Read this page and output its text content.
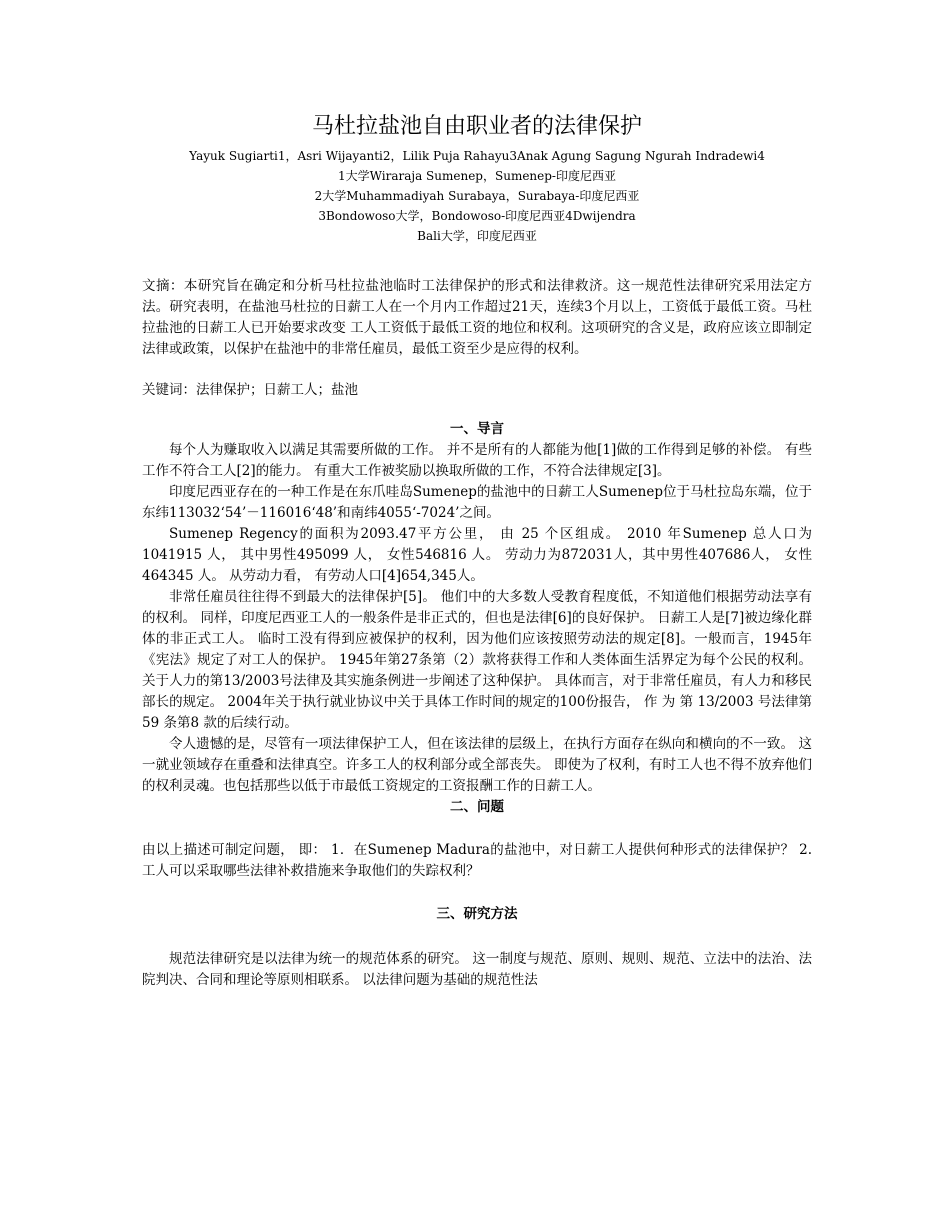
马杜拉盐池自由职业者的法律保护

Yayuk Sugiarti1，Asri Wijayanti2，Lilik Puja Rahayu3Anak Agung Sagung Ngurah Indradewi4

1大学Wiraraja Sumenep，Sumenep-印度尼西亚

2大学Muhammadiyah Surabaya，Surabaya-印度尼西亚

3Bondowoso大学，Bondowoso-印度尼西亚4Dwijendra

Bali大学，印度尼西亚

文摘：本研究旨在确定和分析马杜拉盐池临时工法律保护的形式和法律救济。这一规范性法律研究采用法定方法。研究表明，在盐池马杜拉的日薪工人在一个月内工作超过21天，连续3个月以上，工资低于最低工资。马杜拉盐池的日薪工人已开始要求改变 工人工资低于最低工资的地位和权利。这项研究的含义是，政府应该立即制定法律或政策，以保护在盐池中的非常任雇员，最低工资至少是应得的权利。
关键词：法律保护；日薪工人；盐池
一、导言

每个人为赚取收入以满足其需要所做的工作。 并不是所有的人都能为他[1]做的工作得到足够的补偿。 有些工作不符合工人[2]的能力。 有重大工作被奖励以换取所做的工作，不符合法律规定[3]。

印度尼西亚存在的一种工作是在东爪哇岛Sumenep的盐池中的日薪工人Sumenep位于马杜拉岛东端，位于东纬113032‘54’－116016‘48’和南纬4055‘-7024’之间。

Sumenep Regency的面积为2093.47平方公里， 由 25 个区组成。 2010 年Sumenep 总人口为1041915 人， 其中男性495099 人， 女性546816 人。 劳动力为872031人，其中男性407686人， 女性464345 人。 从劳动力看， 有劳动人口[4]654,345人。

非常任雇员往往得不到最大的法律保护[5]。 他们中的大多数人受教育程度低，不知道他们根据劳动法享有的权利。 同样，印度尼西亚工人的一般条件是非正式的，但也是法律[6]的良好保护。 日薪工人是[7]被边缘化群体的非正式工人。 临时工没有得到应被保护的权利，因为他们应该按照劳动法的规定[8]。一般而言，1945年《宪法》规定了对工人的保护。 1945年第27条第（2）款将获得工作和人类体面生活界定为每个公民的权利。关于人力的第13/2003号法律及其实施条例进一步阐述了这种保护。 具体而言，对于非常任雇员，有人力和移民部长的规定。 2004年关于执行就业协议中关于具体工作时间的规定的100份报告， 作 为 第 13/2003 号法律第59 条第8 款的后续行动。

令人遗憾的是，尽管有一项法律保护工人，但在该法律的层级上，在执行方面存在纵向和横向的不一致。 这一就业领域存在重叠和法律真空。许多工人的权利部分或全部丧失。 即使为了权利，有时工人也不得不放弃他们的权利灵魂。也包括那些以低于市最低工资规定的工资报酬工作的日薪工人。

二、问题

由以上描述可制定问题， 即： 1．在Sumenep Madura的盐池中，对日薪工人提供何种形式的法律保护？ 2. 工人可以采取哪些法律补救措施来争取他们的失踪权利？

三、研究方法

规范法律研究是以法律为统一的规范体系的研究。 这一制度与规范、原则、规则、规范、立法中的法治、法院判决、合同和理论等原则相联系。 以法律问题为基础的规范性法
